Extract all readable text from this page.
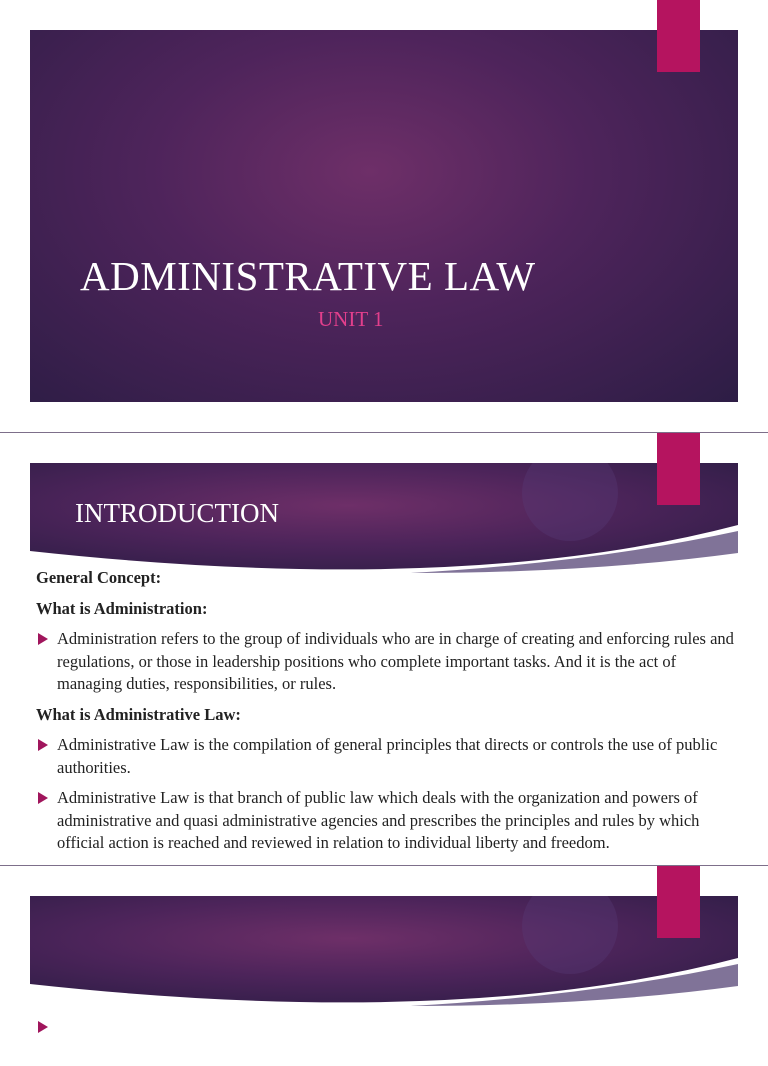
ADMINISTRATIVE LAW
UNIT 1
INTRODUCTION
General Concept:
What is Administration:
Administration refers to the group of individuals who are in charge of creating and enforcing rules and regulations, or those in leadership positions who complete important tasks. And it is the act of managing duties, responsibilities, or rules.
What is Administrative Law:
Administrative Law is the compilation of general principles that directs or controls the use of public authorities.
Administrative Law is that branch of public law which deals with the organization and powers of administrative and quasi administrative agencies and prescribes the principles and rules by which official action is reached and reviewed in relation to individual liberty and freedom.
